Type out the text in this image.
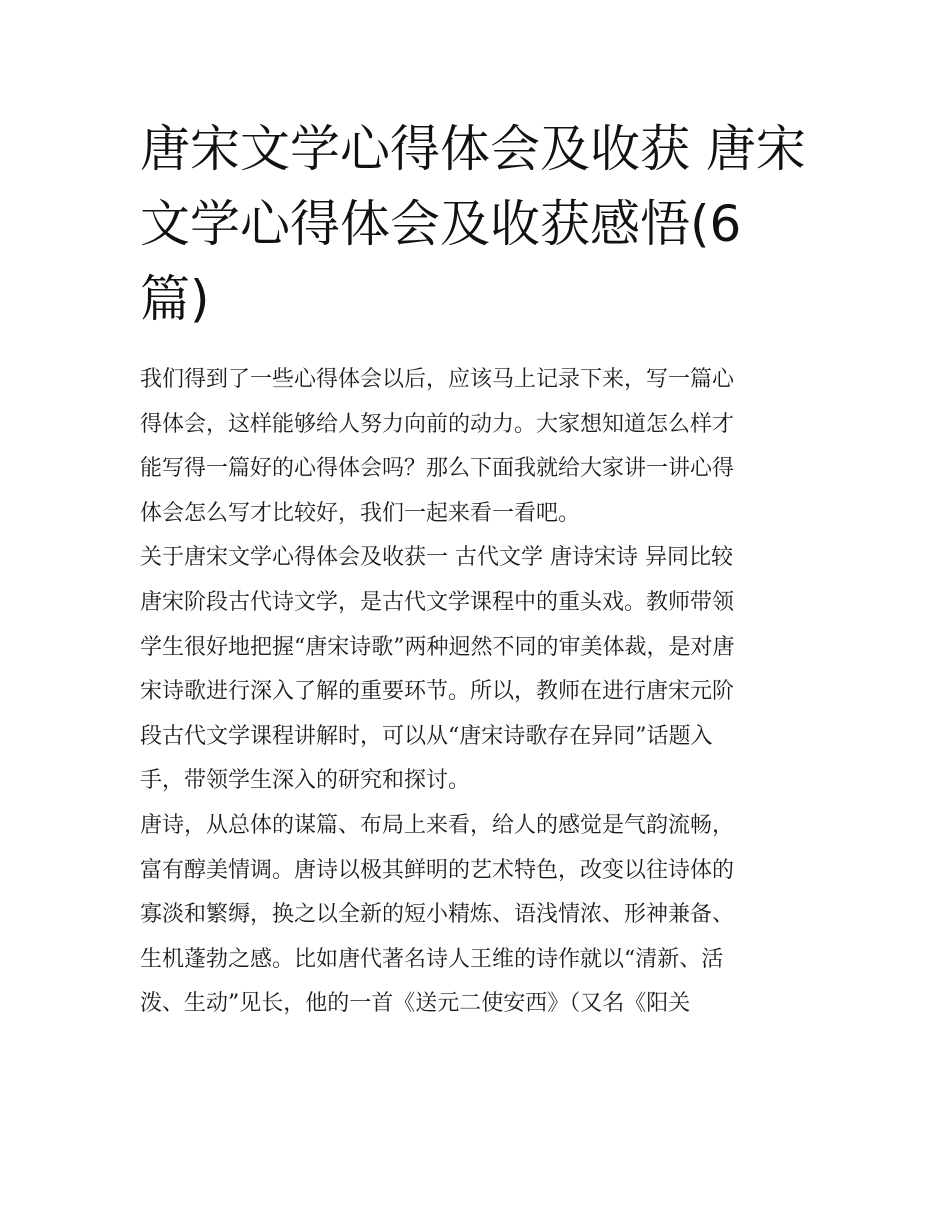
唐宋文学心得体会及收获 唐宋
文学心得体会及收获感悟(6
篇)
我们得到了一些心得体会以后，应该马上记录下来，写一篇心
得体会，这样能够给人努力向前的动力。大家想知道怎么样才
能写得一篇好的心得体会吗？那么下面我就给大家讲一讲心得
体会怎么写才比较好，我们一起来看一看吧。
关于唐宋文学心得体会及收获一 古代文学 唐诗宋诗 异同比较
唐宋阶段古代诗文学，是古代文学课程中的重头戏。教师带领
学生很好地把握“唐宋诗歌”两种迥然不同的审美体裁，是对唐
宋诗歌进行深入了解的重要环节。所以，教师在进行唐宋元阶
段古代文学课程讲解时，可以从“唐宋诗歌存在异同”话题入
手，带领学生深入的研究和探讨。
唐诗，从总体的谋篇、布局上来看，给人的感觉是气韵流畅，
富有醇美情调。唐诗以极其鲜明的艺术特色，改变以往诗体的
寡淡和繁缛，换之以全新的短小精炼、语浅情浓、形神兼备、
生机蓬勃之感。比如唐代著名诗人王维的诗作就以“清新、活
泼、生动”见长，他的一首《送元二使安西》（又名《阳关
